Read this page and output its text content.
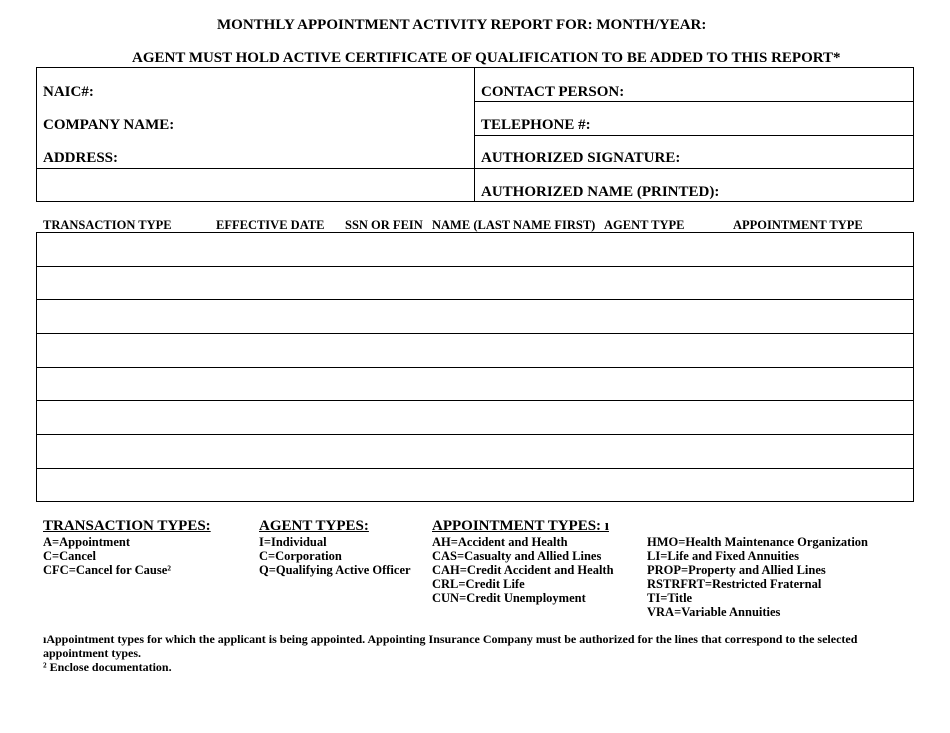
MONTHLY APPOINTMENT ACTIVITY REPORT FOR: MONTH/YEAR:
AGENT MUST HOLD ACTIVE CERTIFICATE OF QUALIFICATION TO BE ADDED TO THIS REPORT*
NAIC#:
COMPANY NAME:
ADDRESS:
CONTACT PERSON:
TELEPHONE #:
AUTHORIZED SIGNATURE:
AUTHORIZED NAME (PRINTED):
TRANSACTION TYPE	EFFECTIVE DATE SSN OR FEIN NAME (LAST NAME FIRST) AGENT TYPE	APPOINTMENT TYPE
TRANSACTION TYPES:
A=Appointment
C=Cancel
CFC=Cancel for Cause²
AGENT TYPES:
I=Individual
C=Corporation
Q=Qualifying Active Officer
APPOINTMENT TYPES: ı
AH=Accident and Health
CAS=Casualty and Allied Lines
CAH=Credit Accident and Health
CRL=Credit Life
CUN=Credit Unemployment
HMO=Health Maintenance Organization
LI=Life and Fixed Annuities
PROP=Property and Allied Lines
RSTRFRT=Restricted Fraternal
TI=Title
VRA=Variable Annuities
ıAppointment types for which the applicant is being appointed. Appointing Insurance Company must be authorized for the lines that correspond to the selected
appointment types.
² Enclose documentation.
